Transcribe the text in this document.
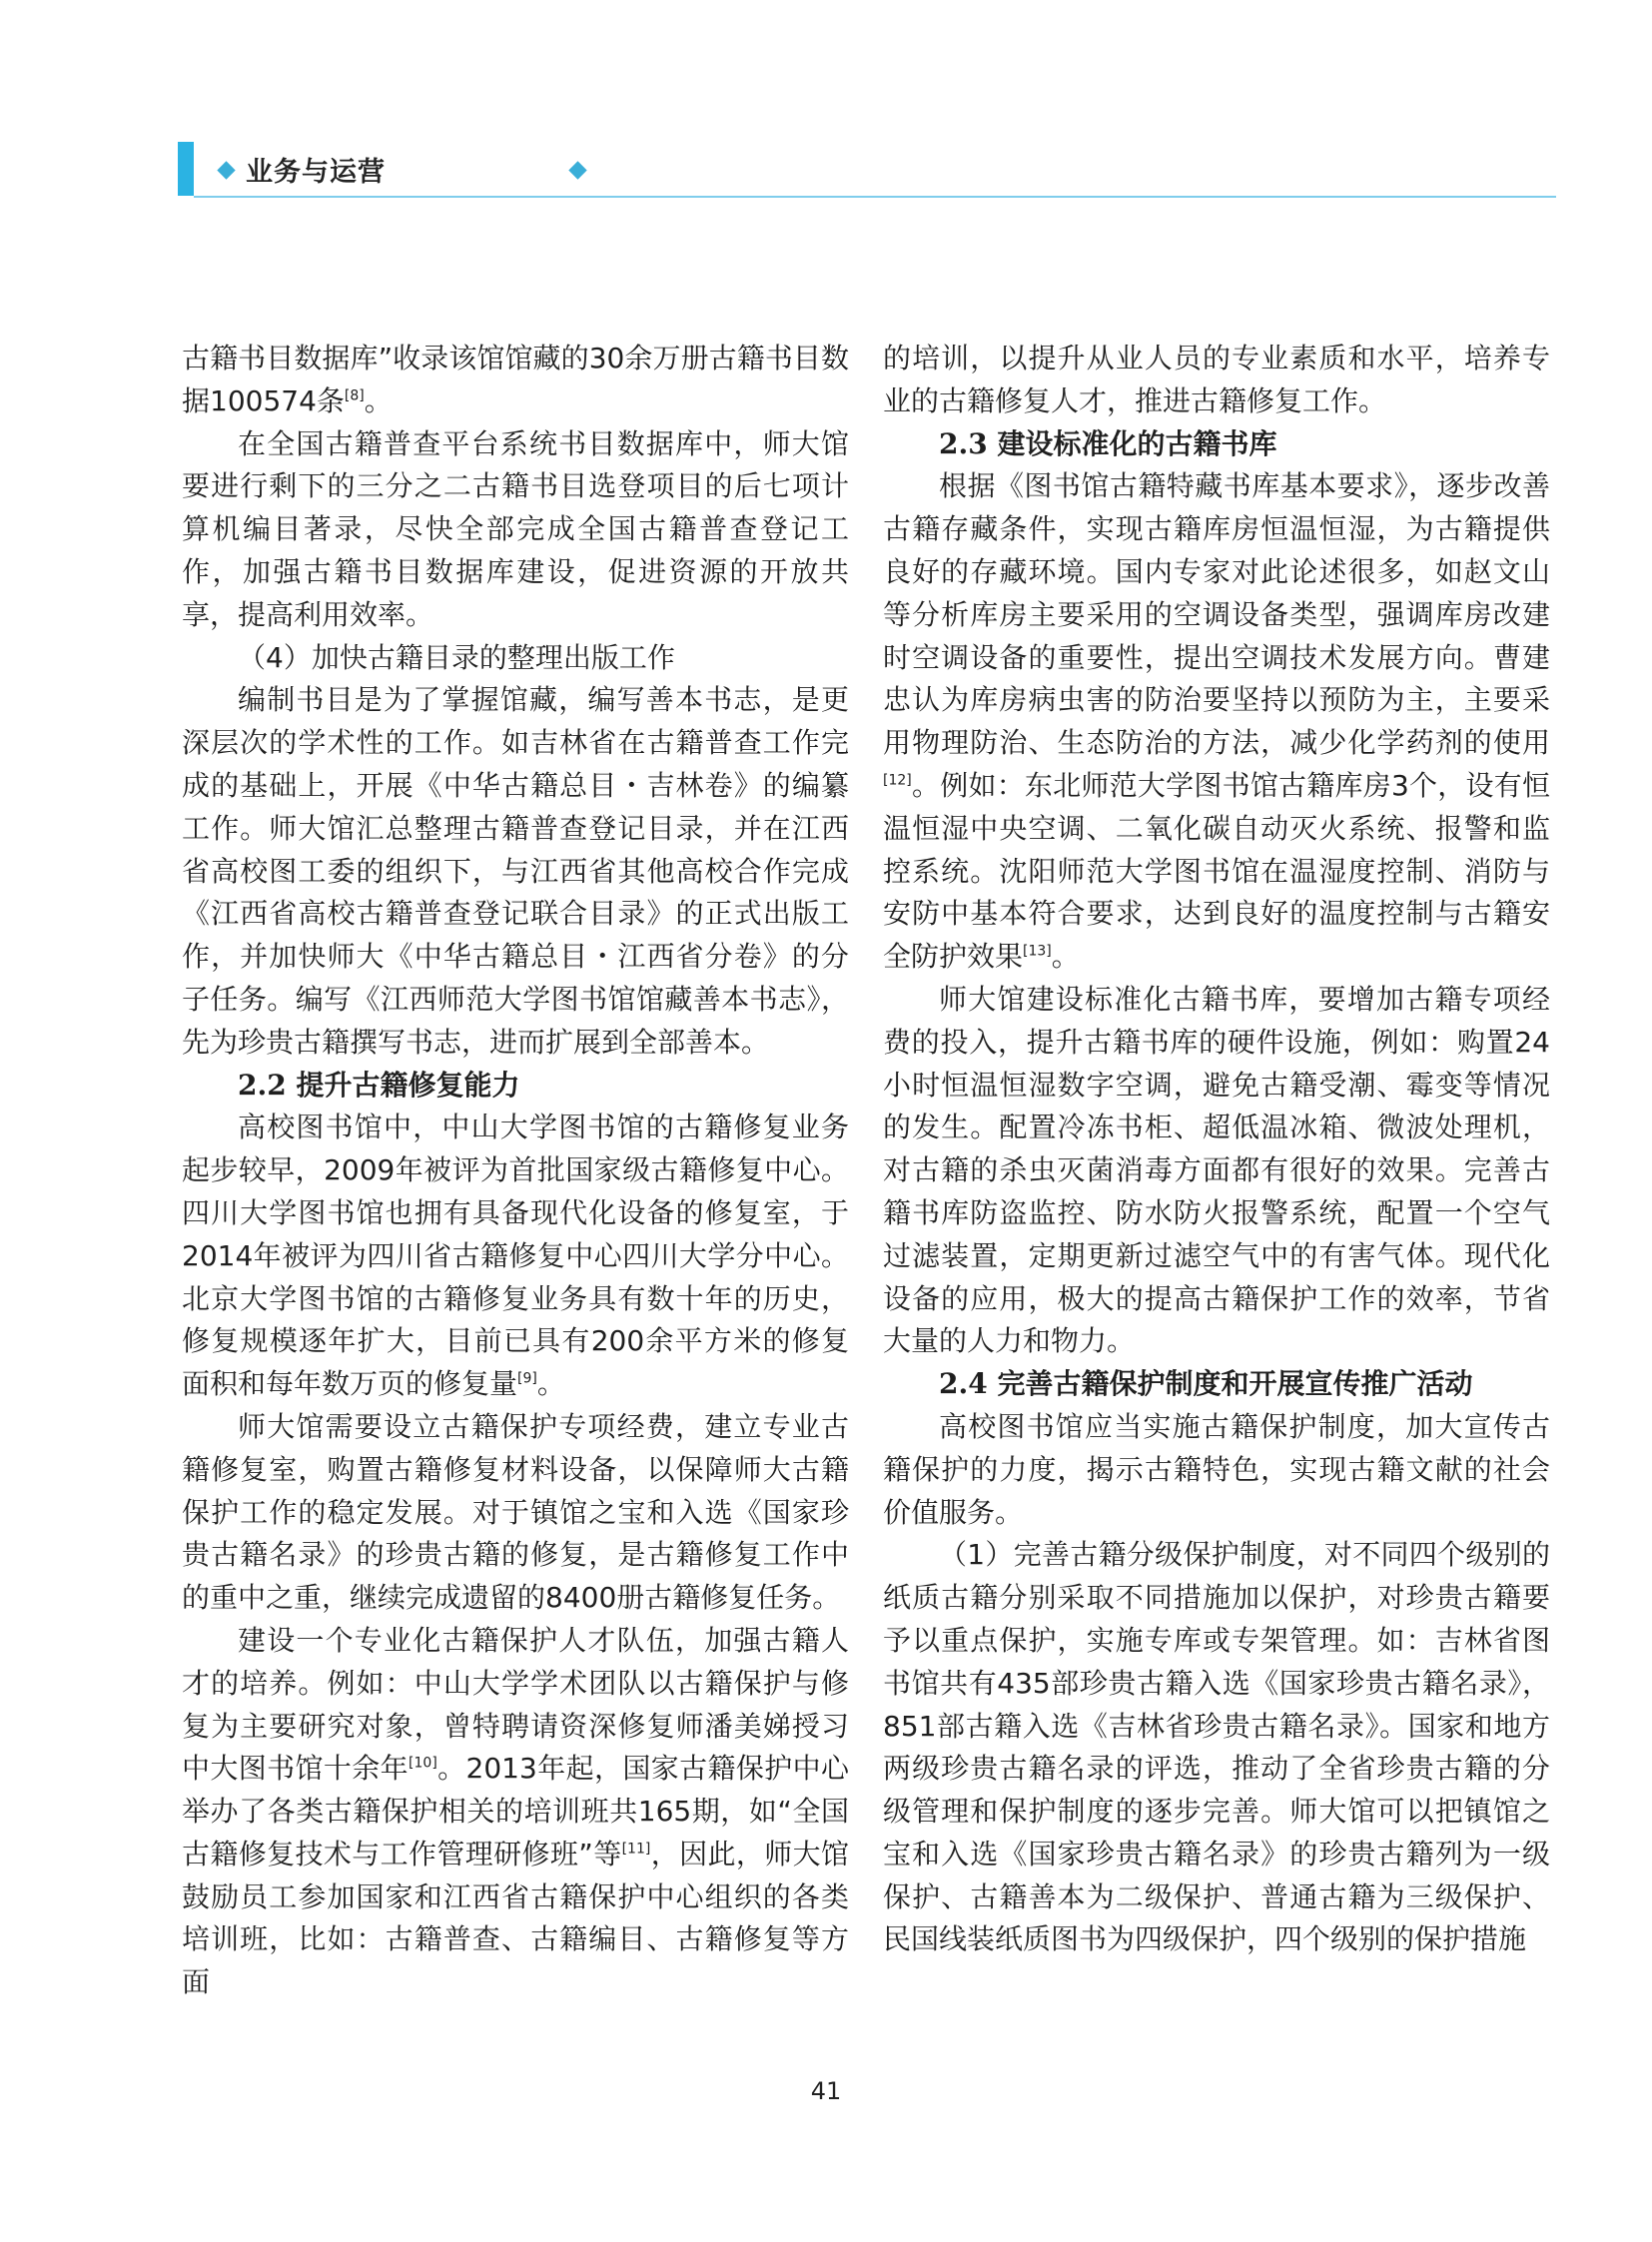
业务与运营

古籍书目数据库”收录该馆馆藏的30余万册古籍书目数据100574条[8]。

在全国古籍普查平台系统书目数据库中，师大馆要进行剩下的三分之二古籍书目选登项目的后七项计算机编目著录，尽快全部完成全国古籍普查登记工作，加强古籍书目数据库建设，促进资源的开放共享，提高利用效率。

（4）加快古籍目录的整理出版工作

编制书目是为了掌握馆藏，编写善本书志，是更深层次的学术性的工作。如吉林省在古籍普查工作完成的基础上，开展《中华古籍总目・吉林卷》的编纂工作。师大馆汇总整理古籍普查登记目录，并在江西省高校图工委的组织下，与江西省其他高校合作完成《江西省高校古籍普查登记联合目录》的正式出版工作，并加快师大《中华古籍总目・江西省分卷》的分子任务。编写《江西师范大学图书馆馆藏善本书志》，先为珍贵古籍撰写书志，进而扩展到全部善本。

2.2 提升古籍修复能力

高校图书馆中，中山大学图书馆的古籍修复业务起步较早，2009年被评为首批国家级古籍修复中心。四川大学图书馆也拥有具备现代化设备的修复室，于2014年被评为四川省古籍修复中心四川大学分中心。北京大学图书馆的古籍修复业务具有数十年的历史，修复规模逐年扩大，目前已具有200余平方米的修复面积和每年数万页的修复量[9]。

师大馆需要设立古籍保护专项经费，建立专业古籍修复室，购置古籍修复材料设备，以保障师大古籍保护工作的稳定发展。对于镇馆之宝和入选《国家珍贵古籍名录》的珍贵古籍的修复，是古籍修复工作中的重中之重，继续完成遗留的8400册古籍修复任务。

建设一个专业化古籍保护人才队伍，加强古籍人才的培养。例如：中山大学学术团队以古籍保护与修复为主要研究对象，曾特聘请资深修复师潘美娣授习中大图书馆十余年[10]。2013年起，国家古籍保护中心举办了各类古籍保护相关的培训班共165期，如“全国古籍修复技术与工作管理研修班”等[11]，因此，师大馆鼓励员工参加国家和江西省古籍保护中心组织的各类培训班，比如：古籍普查、古籍编目、古籍修复等方面

的培训，以提升从业人员的专业素质和水平，培养专业的古籍修复人才，推进古籍修复工作。

2.3 建设标准化的古籍书库

根据《图书馆古籍特藏书库基本要求》，逐步改善古籍存藏条件，实现古籍库房恒温恒湿，为古籍提供良好的存藏环境。国内专家对此论述很多，如赵文山等分析库房主要采用的空调设备类型，强调库房改建时空调设备的重要性，提出空调技术发展方向。曹建忠认为库房病虫害的防治要坚持以预防为主，主要采用物理防治、生态防治的方法，减少化学药剂的使用[12]。例如：东北师范大学图书馆古籍库房3个，设有恒温恒湿中央空调、二氧化碳自动灭火系统、报警和监控系统。沈阳师范大学图书馆在温湿度控制、消防与安防中基本符合要求，达到良好的温度控制与古籍安全防护效果[13]。

师大馆建设标准化古籍书库，要增加古籍专项经费的投入，提升古籍书库的硬件设施，例如：购置24小时恒温恒湿数字空调，避免古籍受潮、霉变等情况的发生。配置冷冻书柜、超低温冰箱、微波处理机，对古籍的杀虫灭菌消毒方面都有很好的效果。完善古籍书库防盗监控、防水防火报警系统，配置一个空气过滤装置，定期更新过滤空气中的有害气体。现代化设备的应用，极大的提高古籍保护工作的效率，节省大量的人力和物力。

2.4 完善古籍保护制度和开展宣传推广活动

高校图书馆应当实施古籍保护制度，加大宣传古籍保护的力度，揭示古籍特色，实现古籍文献的社会价值服务。

（1）完善古籍分级保护制度，对不同四个级别的纸质古籍分别采取不同措施加以保护，对珍贵古籍要予以重点保护，实施专库或专架管理。如：吉林省图书馆共有435部珍贵古籍入选《国家珍贵古籍名录》，851部古籍入选《吉林省珍贵古籍名录》。国家和地方两级珍贵古籍名录的评选，推动了全省珍贵古籍的分级管理和保护制度的逐步完善。师大馆可以把镇馆之宝和入选《国家珍贵古籍名录》的珍贵古籍列为一级保护、古籍善本为二级保护、普通古籍为三级保护、民国线装纸质图书为四级保护，四个级别的保护措施

41
